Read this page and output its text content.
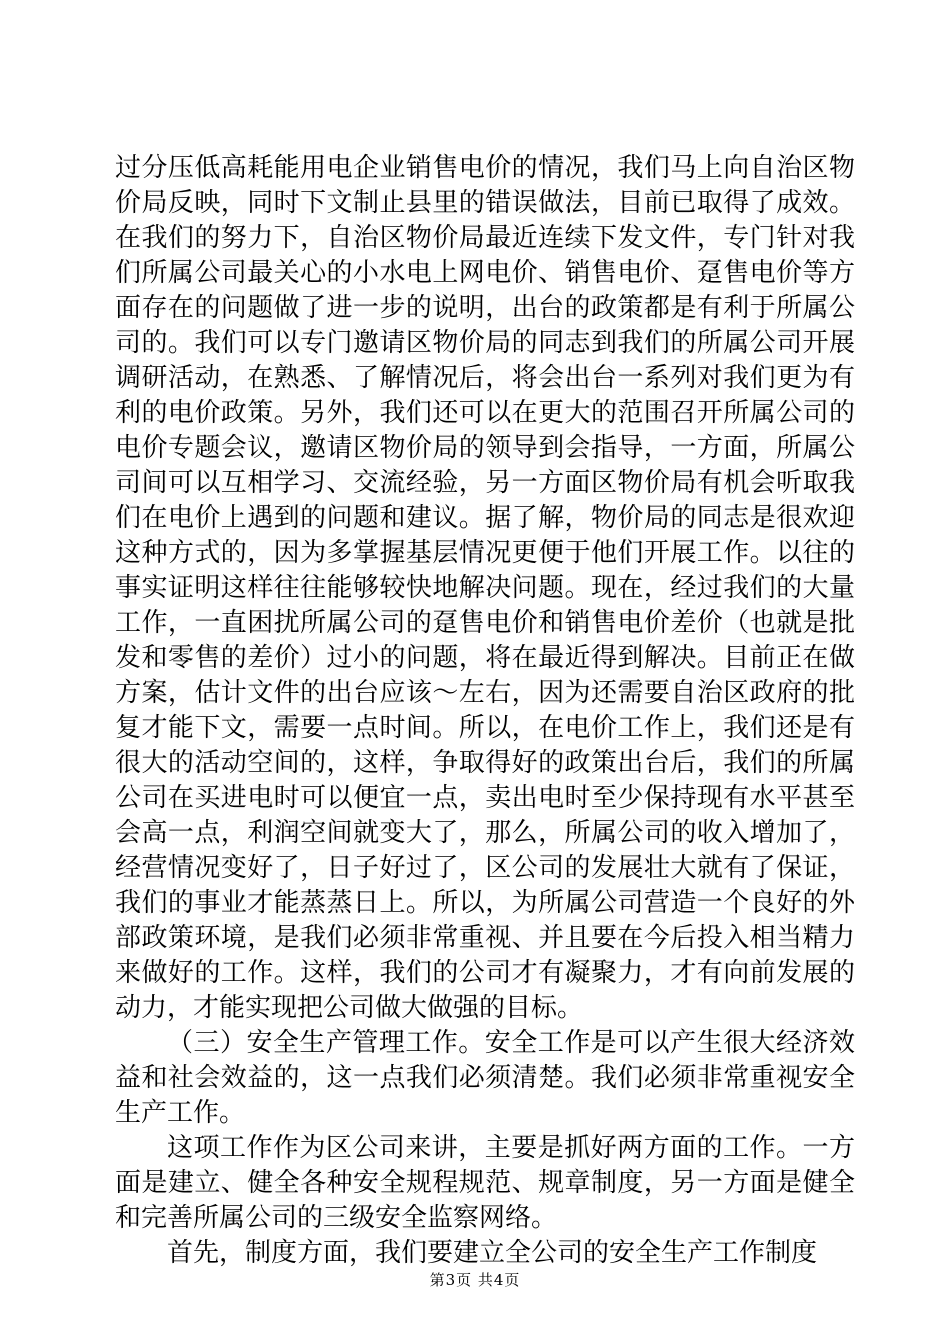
过分压低高耗能用电企业销售电价的情况，我们马上向自治区物价局反映，同时下文制止县里的错误做法，目前已取得了成效。在我们的努力下，自治区物价局最近连续下发文件，专门针对我们所属公司最关心的小水电上网电价、销售电价、趸售电价等方面存在的问题做了进一步的说明，出台的政策都是有利于所属公司的。我们可以专门邀请区物价局的同志到我们的所属公司开展调研活动，在熟悉、了解情况后，将会出台一系列对我们更为有利的电价政策。另外，我们还可以在更大的范围召开所属公司的电价专题会议，邀请区物价局的领导到会指导，一方面，所属公司间可以互相学习、交流经验，另一方面区物价局有机会听取我们在电价上遇到的问题和建议。据了解，物价局的同志是很欢迎这种方式的，因为多掌握基层情况更便于他们开展工作。以往的事实证明这样往往能够较快地解决问题。现在，经过我们的大量工作，一直困扰所属公司的趸售电价和销售电价差价（也就是批发和零售的差价）过小的问题，将在最近得到解决。目前正在做方案，估计文件的出台应该～左右，因为还需要自治区政府的批复才能下文，需要一点时间。所以，在电价工作上，我们还是有很大的活动空间的，这样，争取得好的政策出台后，我们的所属公司在买进电时可以便宜一点，卖出电时至少保持现有水平甚至会高一点，利润空间就变大了，那么，所属公司的收入增加了，经营情况变好了，日子好过了，区公司的发展壮大就有了保证，我们的事业才能蒸蒸日上。所以，为所属公司营造一个良好的外部政策环境，是我们必须非常重视、并且要在今后投入相当精力来做好的工作。这样，我们的公司才有凝聚力，才有向前发展的动力，才能实现把公司做大做强的目标。

（三）安全生产管理工作。安全工作是可以产生很大经济效益和社会效益的，这一点我们必须清楚。我们必须非常重视安全生产工作。

这项工作作为区公司来讲，主要是抓好两方面的工作。一方面是建立、健全各种安全规程规范、规章制度，另一方面是健全和完善所属公司的三级安全监察网络。

首先，制度方面，我们要建立全公司的安全生产工作制度

第3页 共4页
